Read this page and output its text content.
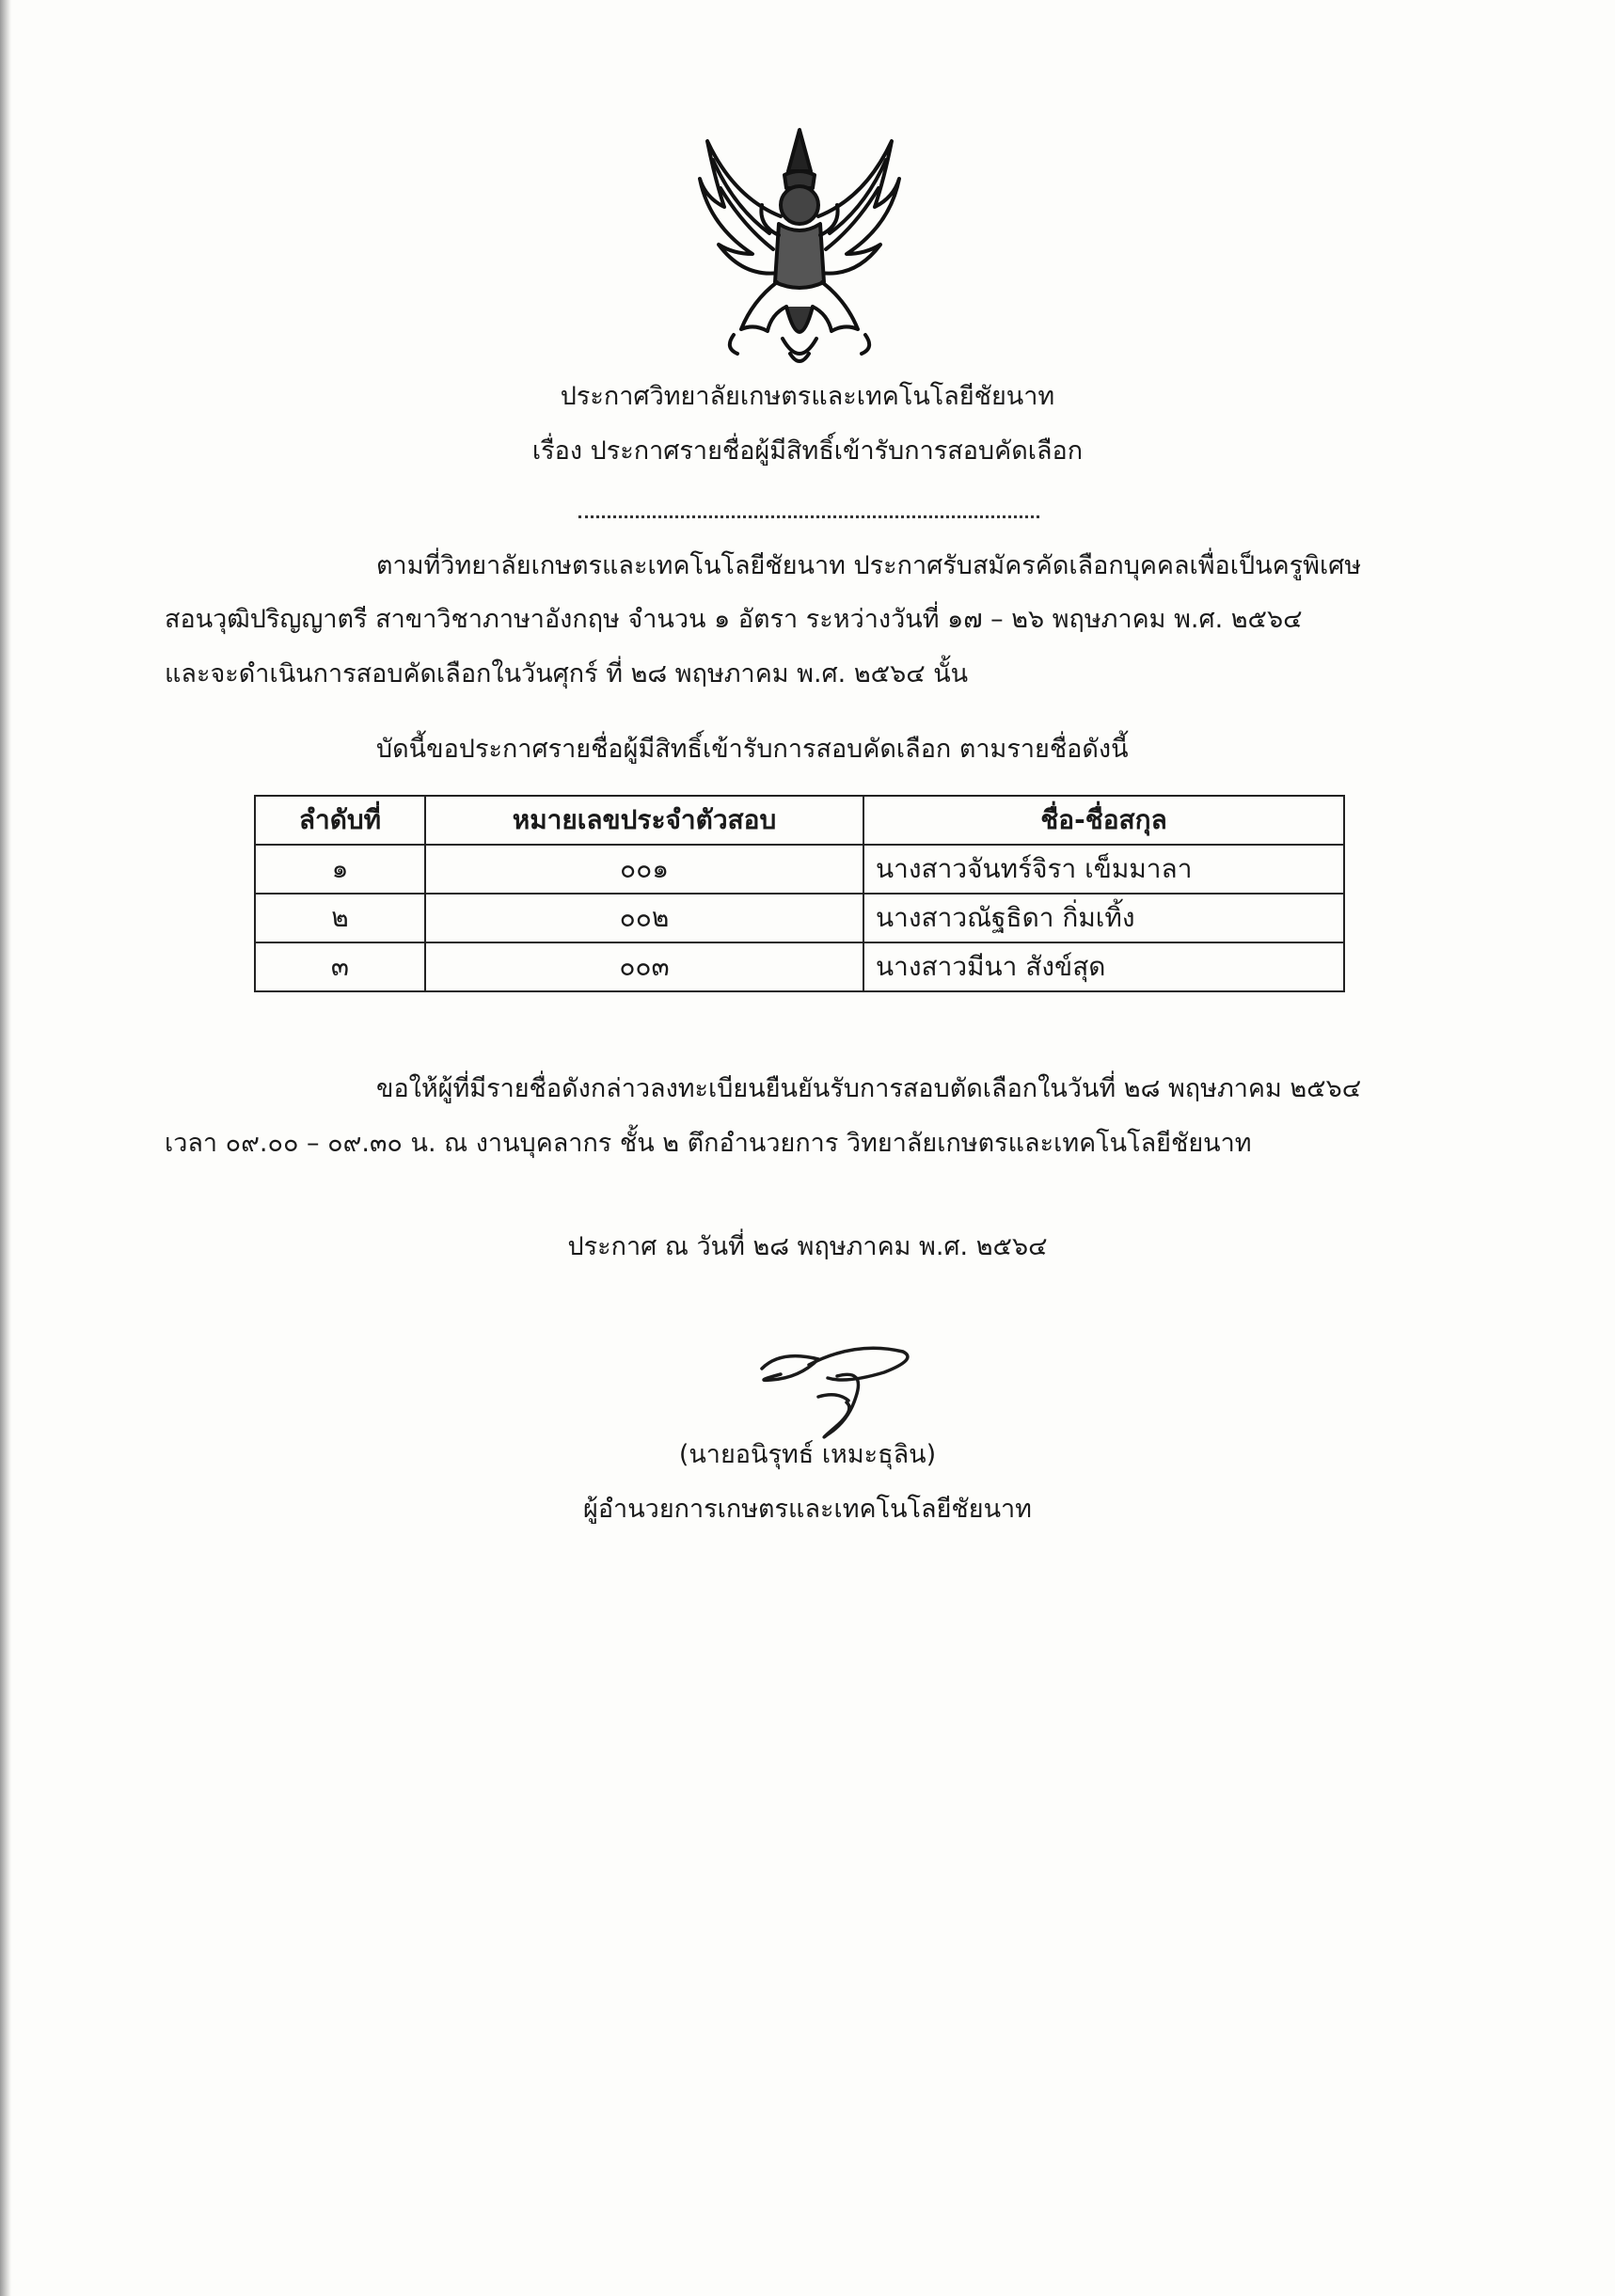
ประกาศวิทยาลัยเกษตรและเทคโนโลยีชัยนาท

เรื่อง ประกาศรายชื่อผู้มีสิทธิ์เข้ารับการสอบคัดเลือก

ตามที่วิทยาลัยเกษตรและเทคโนโลยีชัยนาท ประกาศรับสมัครคัดเลือกบุคคลเพื่อเป็นครูพิเศษ

สอนวุฒิปริญญาตรี สาขาวิชาภาษาอังกฤษ จำนวน ๑ อัตรา ระหว่างวันที่ ๑๗ – ๒๖ พฤษภาคม พ.ศ. ๒๕๖๔

และจะดำเนินการสอบคัดเลือกในวันศุกร์ ที่ ๒๘ พฤษภาคม พ.ศ. ๒๕๖๔ นั้น

บัดนี้ขอประกาศรายชื่อผู้มีสิทธิ์เข้ารับการสอบคัดเลือก ตามรายชื่อดังนี้

ลำดับที่	หมายเลขประจำตัวสอบ	ชื่อ-ชื่อสกุล
๑	๐๐๑	นางสาวจันทร์จิรา เข็มมาลา
๒	๐๐๒	นางสาวณัฐธิดา กิ่มเทิ้ง
๓	๐๐๓	นางสาวมีนา สังข์สุด

ขอให้ผู้ที่มีรายชื่อดังกล่าวลงทะเบียนยืนยันรับการสอบตัดเลือกในวันที่ ๒๘ พฤษภาคม ๒๕๖๔

เวลา ๐๙.๐๐ – ๐๙.๓๐ น. ณ งานบุคลากร ชั้น ๒ ตึกอำนวยการ วิทยาลัยเกษตรและเทคโนโลยีชัยนาท

ประกาศ ณ วันที่ ๒๘ พฤษภาคม พ.ศ. ๒๕๖๔

(นายอนิรุทธ์ เหมะธุลิน)

ผู้อำนวยการเกษตรและเทคโนโลยีชัยนาท
